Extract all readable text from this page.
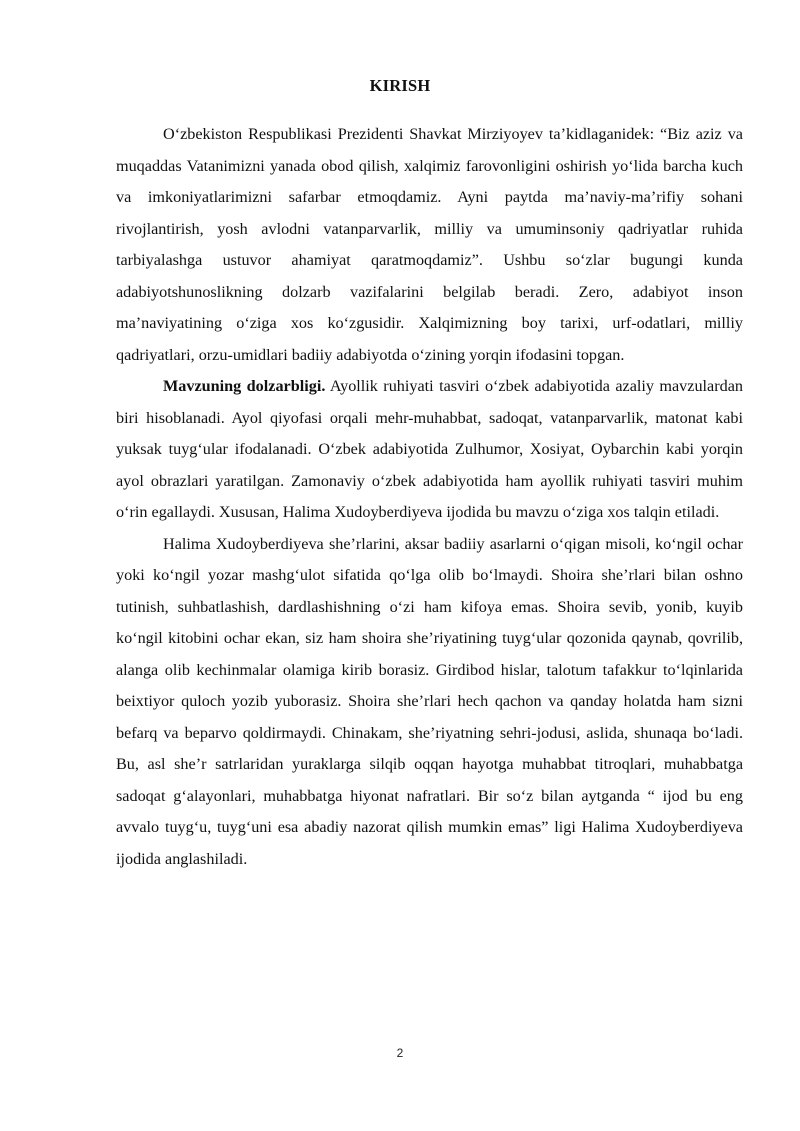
KIRISH

O‘zbekiston Respublikasi Prezidenti Shavkat Mirziyoyev ta’kidlaganidek: “Biz aziz va muqaddas Vatanimizni yanada obod qilish, xalqimiz farovonligini oshirish yo‘lida barcha kuch va imkoniyatlarimizni safarbar etmoqdamiz. Ayni paytda ma’naviy-ma’rifiy sohani rivojlantirish, yosh avlodni vatanparvarlik, milliy va umuminsoniy qadriyatlar ruhida tarbiyalashga ustuvor ahamiyat qaratmoqdamiz”. Ushbu so‘zlar bugungi kunda adabiyotshunoslikning dolzarb vazifalarini belgilab beradi. Zero, adabiyot inson ma’naviyatining o‘ziga xos ko‘zgusidir. Xalqimizning boy tarixi, urf-odatlari, milliy qadriyatlari, orzu-umidlari badiiy adabiyotda o‘zining yorqin ifodasini topgan.

Mavzuning dolzarbligi. Ayollik ruhiyati tasviri o‘zbek adabiyotida azaliy mavzulardan biri hisoblanadi. Ayol qiyofasi orqali mehr-muhabbat, sadoqat, vatanparvarlik, matonat kabi yuksak tuyg‘ular ifodalanadi. O‘zbek adabiyotida Zulhumor, Xosiyat, Oybarchin kabi yorqin ayol obrazlari yaratilgan. Zamonaviy o‘zbek adabiyotida ham ayollik ruhiyati tasviri muhim o‘rin egallaydi. Xususan, Halima Xudoyberdiyeva ijodida bu mavzu o‘ziga xos talqin etiladi.

Halima Xudoyberdiyeva she’rlarini, aksar badiiy asarlarni o‘qigan misoli, ko‘ngil ochar yoki ko‘ngil yozar mashg‘ulot sifatida qo‘lga olib bo‘lmaydi. Shoira she’rlari bilan oshno tutinish, suhbatlashish, dardlashishning o‘zi ham kifoya emas. Shoira sevib, yonib, kuyib ko‘ngil kitobini ochar ekan, siz ham shoira she’riyatining tuyg‘ular qozonida qaynab, qovrilib, alanga olib kechinmalar olamiga kirib borasiz. Girdibod hislar, talotum tafakkur to‘lqinlarida beixtiyor quloch yozib yuborasiz. Shoira she’rlari hech qachon va qanday holatda ham sizni befarq va beparvo qoldirmaydi. Chinakam, she’riyatning sehri-jodusi, aslida, shunaqa bo‘ladi. Bu, asl she’r satrlaridan yuraklarga silqib oqqan hayotga muhabbat titroqlari, muhabbatga sadoqat g‘alayonlari, muhabbatga hiyonat nafratlari. Bir so‘z bilan aytganda “ ijod bu eng avvalo tuyg‘u, tuyg‘uni esa abadiy nazorat qilish mumkin emas” ligi Halima Xudoyberdiyeva ijodida anglashiladi.

2
